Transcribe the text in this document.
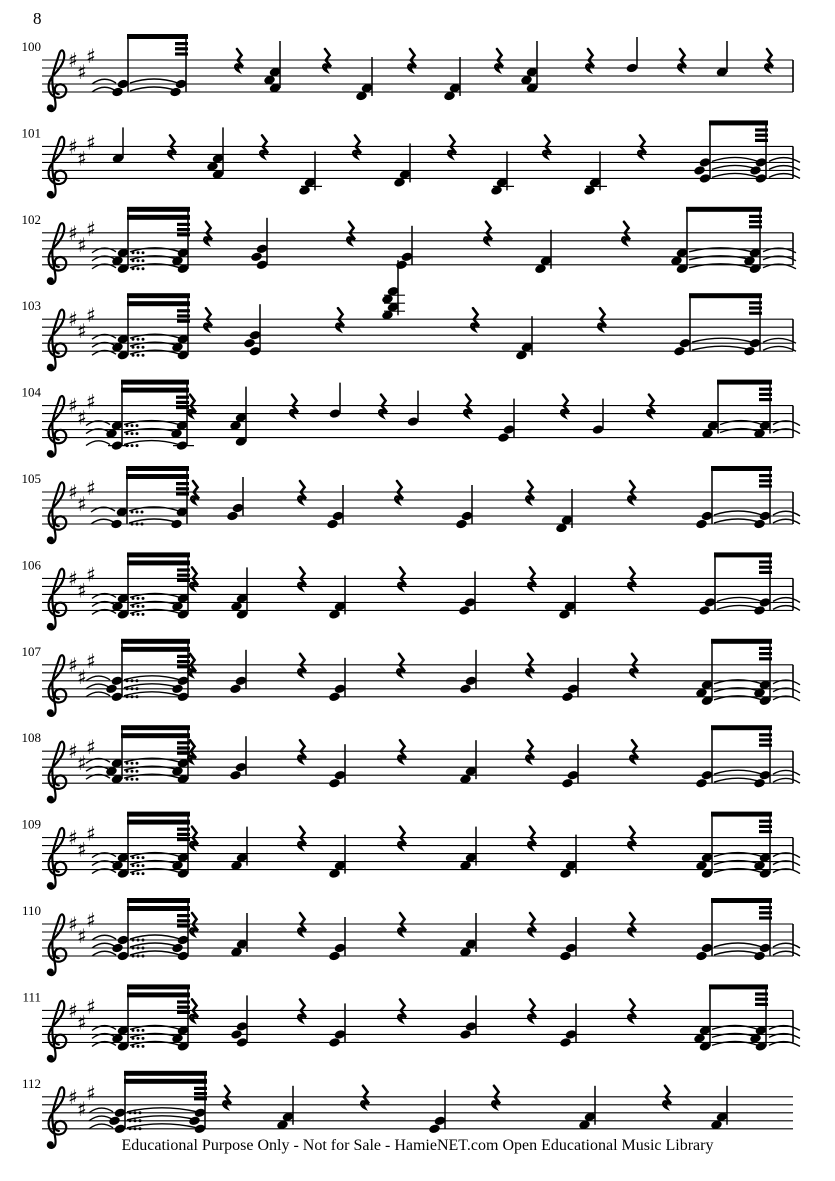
8
100
♯ ♯
♯
101
♯ ♯
♯
102
♯ ♯
♯
103
♯ ♯
♯
104
♯ ♯
♯
105
♯ ♯
♯
106
♯ ♯
♯
107
♯ ♯
♯
108
♯ ♯
♯
109
♯ ♯
♯
110
♯ ♯
♯
111
♯ ♯
♯
112
♯ ♯
♯
Educational Purpose Only - Not for Sale - HamieNET.com Open Educational Music Library
